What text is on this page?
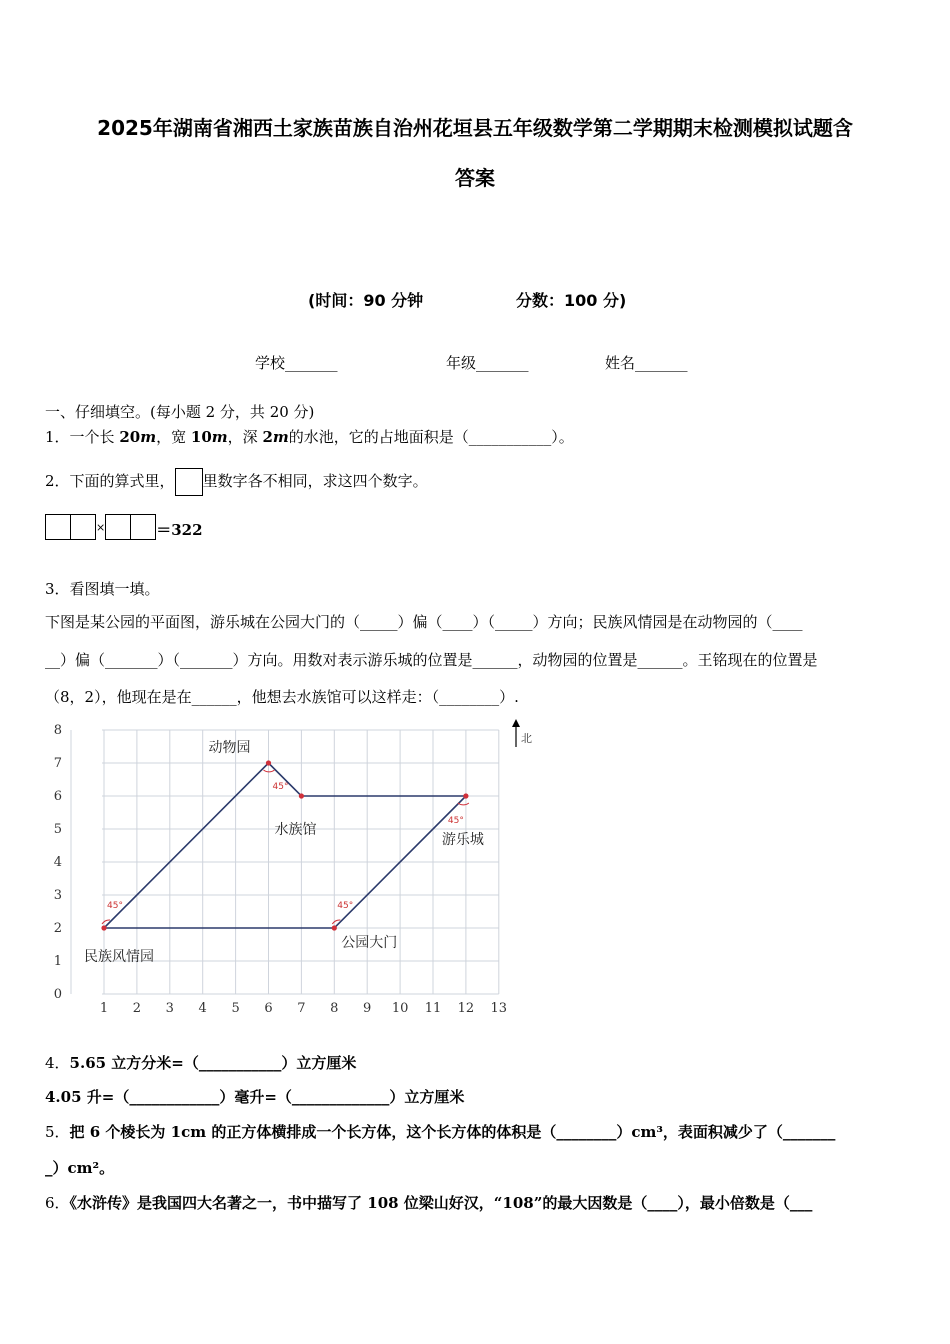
2025年湖南省湘西土家族苗族自治州花垣县五年级数学第二学期期末检测模拟试题含
答案
(时间：90 分钟	分数：100 分)
学校_______	年级_______	姓名_______
一、仔细填空。(每小题 2 分，共 20 分)
1．一个长 20m，宽 10m，深 2m的水池，它的占地面积是（___________）。
2．下面的算式里， 里数字各不相同，求这四个数字。
×	＝322
3．看图填一填。
下图是某公园的平面图，游乐城在公园大门的（_____）偏（____）（_____）方向；民族风情园是在动物园的（____
__）偏（_______）（_______）方向。用数对表示游乐城的位置是______，动物园的位置是______。王铭现在的位置是
（8，2），他现在是在______，他想去水族馆可以这样走：（________）.
1 2 3 4 5 6 7 8 9 10 11 12 13
0
1
2
3
4
5
6
7
8
北
45°	45°
45°
45°
动物园
水族馆
游乐城
公园大门
民族风情园
4．5.65 立方分米=（___________）立方厘米
4.05 升=（____________）毫升=（_____________）立方厘米
5．把 6 个棱长为 1cm 的正方体横排成一个长方体，这个长方体的体积是（________）cm³，表面积减少了（_______
_）cm²。
6．《水浒传》是我国四大名著之一，书中描写了 108 位梁山好汉，“108”的最大因数是（____），最小倍数是（___
